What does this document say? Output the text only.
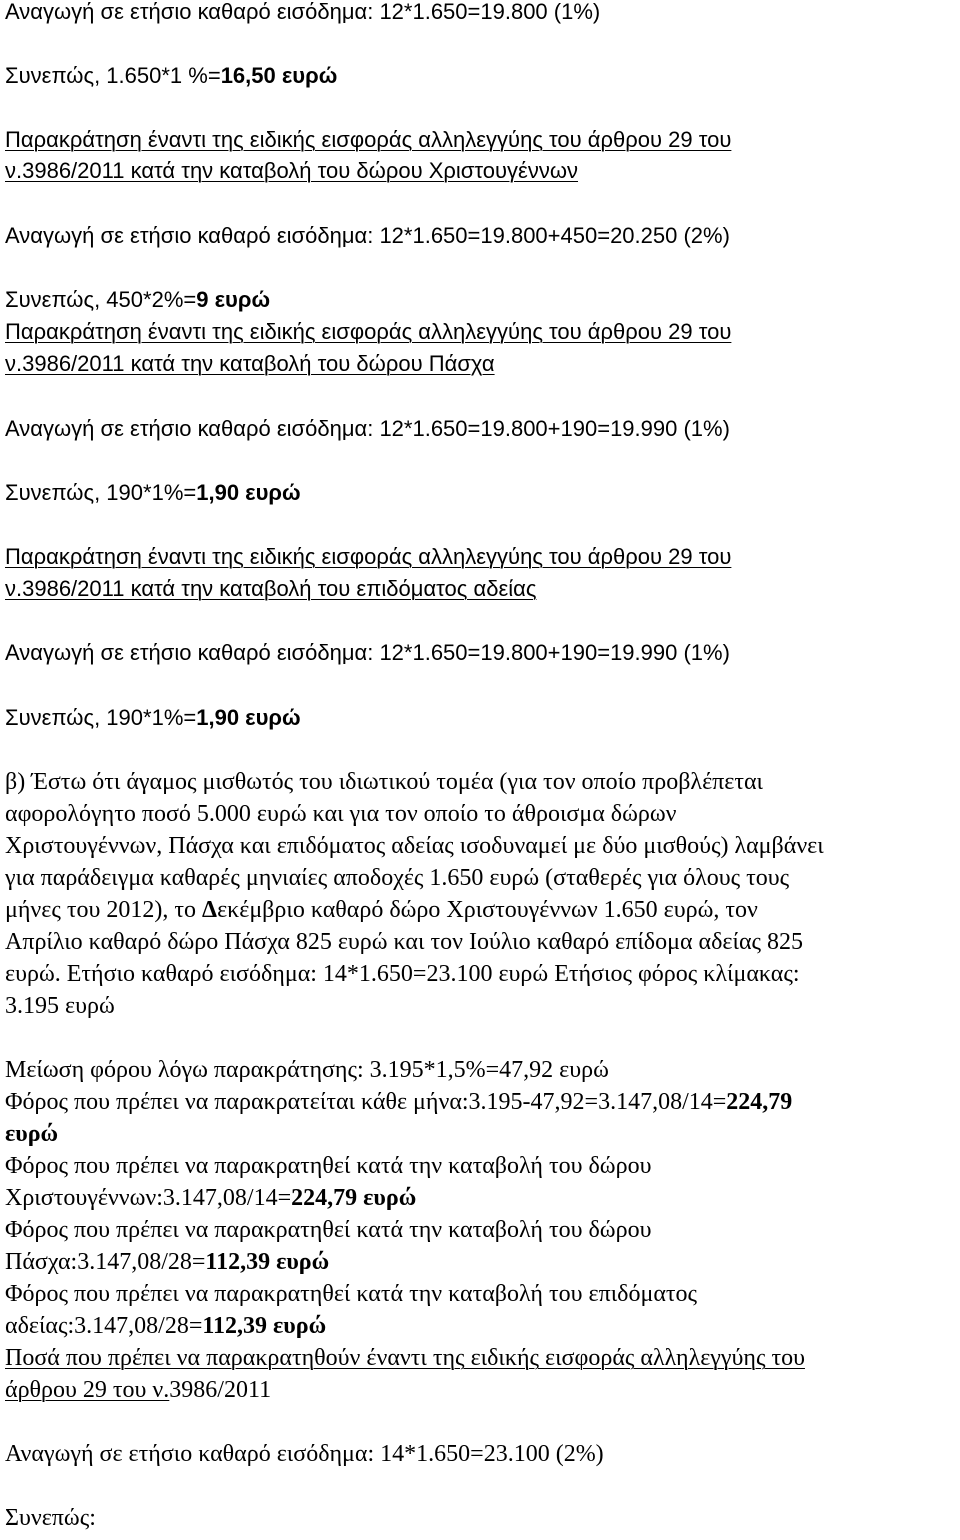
Αναγωγή σε ετήσιο καθαρό εισόδημα: 12*1.650=19.800 (1%)

Συνεπώς, 1.650*1 %=16,50 ευρώ

Παρακράτηση έναντι της ειδικής εισφοράς αλληλεγγύης του άρθρου 29 του

ν.3986/2011 κατά την καταβολή του δώρου Χριστουγέννων

Αναγωγή σε ετήσιο καθαρό εισόδημα: 12*1.650=19.800+450=20.250 (2%)

Συνεπώς, 450*2%=9 ευρώ

Παρακράτηση έναντι της ειδικής εισφοράς αλληλεγγύης του άρθρου 29 του

ν.3986/2011 κατά την καταβολή του δώρου Πάσχα

Αναγωγή σε ετήσιο καθαρό εισόδημα: 12*1.650=19.800+190=19.990 (1%)

Συνεπώς, 190*1%=1,90 ευρώ

Παρακράτηση έναντι της ειδικής εισφοράς αλληλεγγύης του άρθρου 29 του

ν.3986/2011 κατά την καταβολή του επιδόματος αδείας

Αναγωγή σε ετήσιο καθαρό εισόδημα: 12*1.650=19.800+190=19.990 (1%)

Συνεπώς, 190*1%=1,90 ευρώ

β) Έστω ότι άγαμος μισθωτός του ιδιωτικού τομέα (για τον οποίο προβλέπεται

αφορολόγητο ποσό 5.000 ευρώ και για τον οποίο το άθροισμα δώρων

Χριστουγέννων, Πάσχα και επιδόματος αδείας ισοδυναμεί με δύο μισθούς) λαμβάνει

για παράδειγμα καθαρές μηνιαίες αποδοχές 1.650 ευρώ (σταθερές για όλους τους

μήνες του 2012), το Δεκέμβριο καθαρό δώρο Χριστουγέννων 1.650 ευρώ, τον

Απρίλιο καθαρό δώρο Πάσχα 825 ευρώ και τον Ιούλιο καθαρό επίδομα αδείας 825

ευρώ. Ετήσιο καθαρό εισόδημα: 14*1.650=23.100 ευρώ Ετήσιος φόρος κλίμακας:

3.195 ευρώ

Μείωση φόρου λόγω παρακράτησης: 3.195*1,5%=47,92 ευρώ

Φόρος που πρέπει να παρακρατείται κάθε μήνα:3.195-47,92=3.147,08/14=224,79

ευρώ

Φόρος που πρέπει να παρακρατηθεί κατά την καταβολή του δώρου

Χριστουγέννων:3.147,08/14=224,79 ευρώ

Φόρος που πρέπει να παρακρατηθεί κατά την καταβολή του δώρου

Πάσχα:3.147,08/28=112,39 ευρώ

Φόρος που πρέπει να παρακρατηθεί κατά την καταβολή του επιδόματος

αδείας:3.147,08/28=112,39 ευρώ

Ποσά που πρέπει να παρακρατηθούν έναντι της ειδικής εισφοράς αλληλεγγύης του

άρθρου 29 του ν.3986/2011

Αναγωγή σε ετήσιο καθαρό εισόδημα: 14*1.650=23.100 (2%)

Συνεπώς:
